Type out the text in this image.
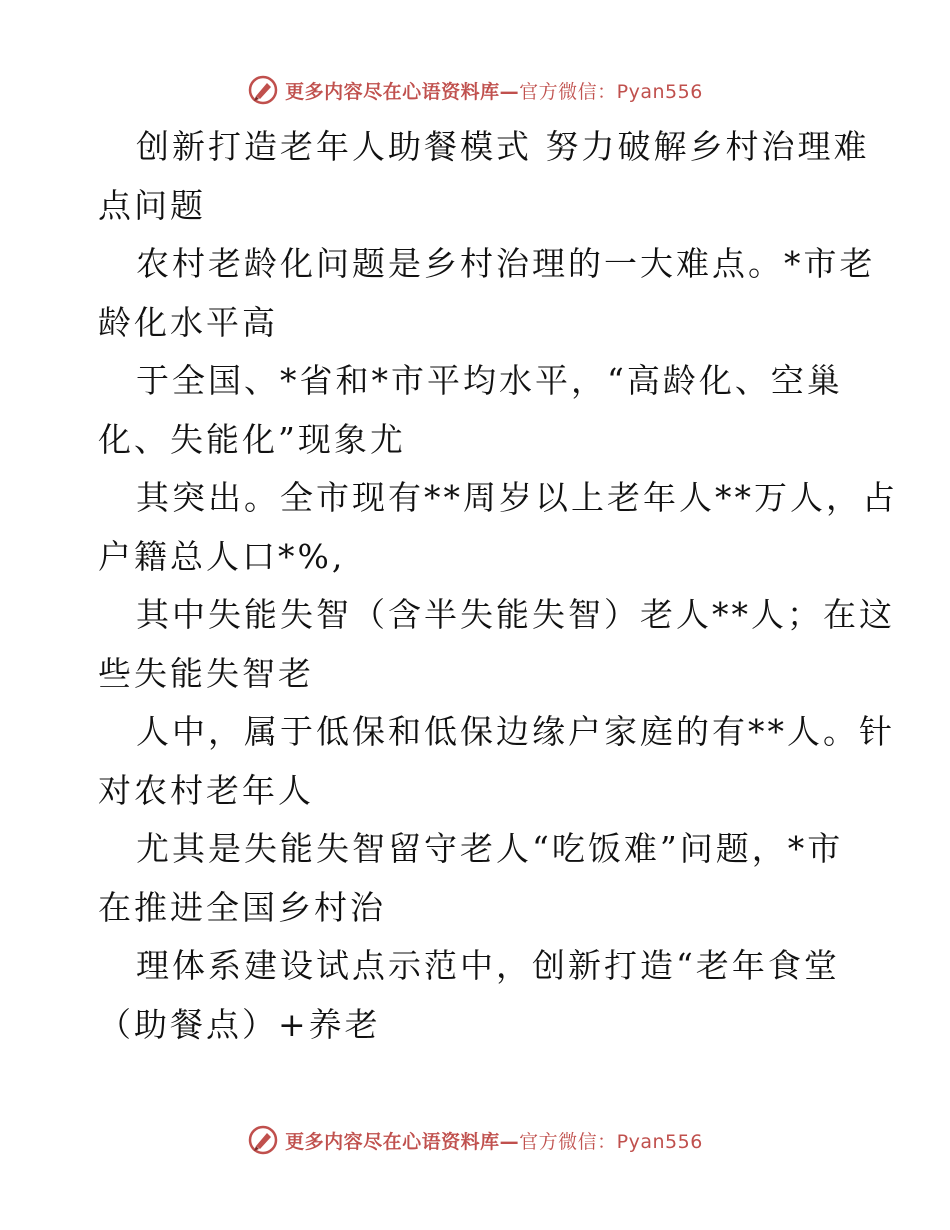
更多内容尽在心语资料库—官方微信：Pyan556
创新打造老年人助餐模式 努力破解乡村治理难
点问题
农村老龄化问题是乡村治理的一大难点。*市老
龄化水平高
于全国、*省和*市平均水平，“高龄化、空巢
化、失能化”现象尤
其突出。全市现有**周岁以上老年人**万人，占
户籍总人口*%,
其中失能失智（含半失能失智）老人**人；在这
些失能失智老
人中，属于低保和低保边缘户家庭的有**人。针
对农村老年人
尤其是失能失智留守老人“吃饭难”问题，*市
在推进全国乡村治
理体系建设试点示范中，创新打造“老年食堂
（助餐点）+养老
更多内容尽在心语资料库—官方微信：Pyan556
